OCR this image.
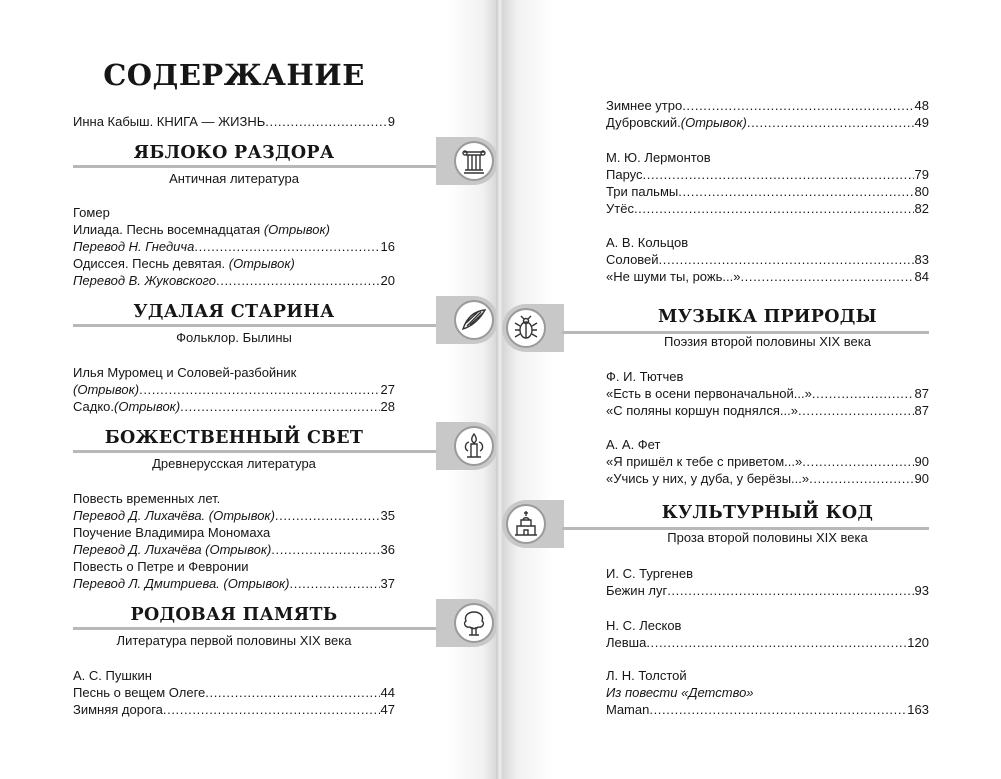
СОДЕРЖАНИЕ
Инна Кабыш. КНИГА — ЖИЗНЬ .....	9
ЯБЛОКО РАЗДОРА
Античная литература
Гомер
Илиада. Песнь восемнадцатая (Отрывок)
Перевод Н. Гнедича .....	16
Одиссея. Песнь девятая. (Отрывок)
Перевод В. Жуковского .....	20
УДАЛАЯ СТАРИНА
Фольклор. Былины
Илья Муромец и Соловей-разбойник
(Отрывок) .....	27
Садко. (Отрывок) .....	28
БОЖЕСТВЕННЫЙ СВЕТ
Древнерусская литература
Повесть временных лет.
Перевод Д. Лихачёва. (Отрывок) .....	35
Поучение Владимира Мономаха
Перевод Д. Лихачёва (Отрывок) .....	36
Повесть о Петре и Февронии
Перевод Л. Дмитриева. (Отрывок) .....	37
РОДОВАЯ ПАМЯТЬ
Литература первой половины XIX века
А. С. Пушкин
Песнь о вещем Олеге .....	44
Зимняя дорога .....	47
Зимнее утро .....	48
Дубровский. (Отрывок) .....	49
М. Ю. Лермонтов
Парус .....	79
Три пальмы .....	80
Утёс .....	82
А. В. Кольцов
Соловей .....	83
«Не шуми ты, рожь...» .....	84
МУЗЫКА ПРИРОДЫ
Поэзия второй половины XIX века
Ф. И. Тютчев
«Есть в осени первоначальной...» .....	87
«С поляны коршун поднялся...» .....	87
А. А. Фет
«Я пришёл к тебе с приветом...» .....	90
«Учись у них, у дуба, у берёзы...» .....	90
КУЛЬТУРНЫЙ КОД
Проза второй половины XIX века
И. С. Тургенев
Бежин луг .....	93
Н. С. Лесков
Левша .....	120
Л. Н. Толстой
Из повести «Детство»
Maman .....	163
